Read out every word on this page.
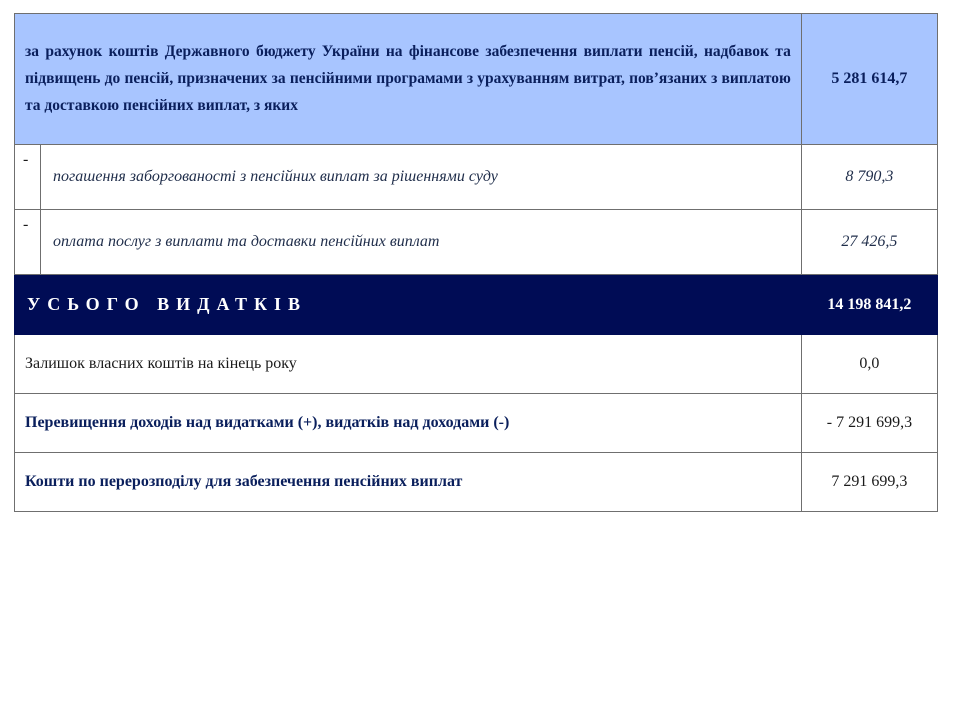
за рахунок коштів Державного бюджету України на фінансове забезпечення виплати пенсій, надбавок та підвищень до пенсій, призначених за пенсійними програмами з урахуванням витрат, пов’язаних з виплатою та доставкою пенсійних виплат, з яких		5 281 614,7
-	погашення заборгованості з пенсійних виплат за рішеннями суду	8 790,3
-	оплата послуг з виплати та доставки пенсійних виплат	27 426,5
УСЬОГО ВИДАТКІВ		14 198 841,2
Залишок власних коштів на кінець року		0,0
Перевищення доходів над видатками (+), видатків над доходами (-)		- 7 291 699,3
Кошти по перерозподілу для забезпечення пенсійних виплат		7 291 699,3
